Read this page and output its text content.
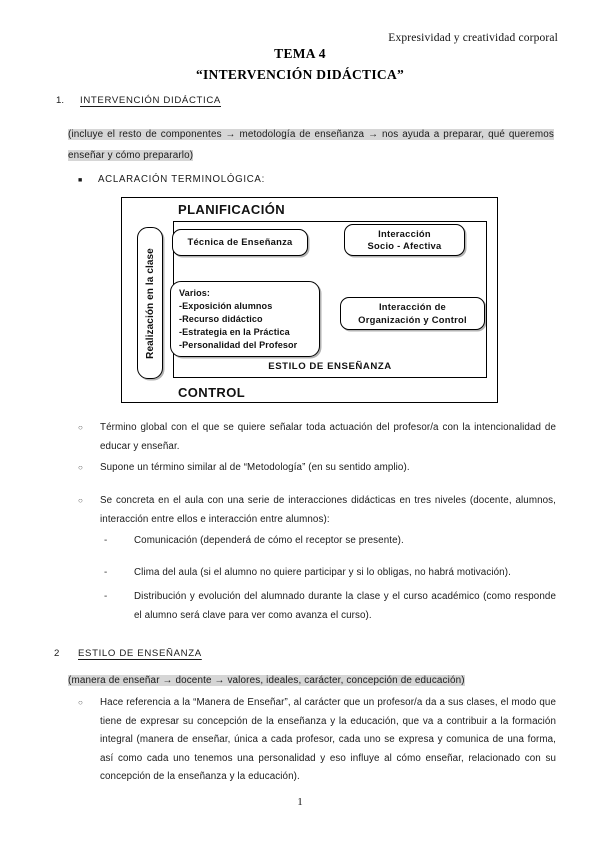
Expresividad y creatividad corporal
TEMA 4
“INTERVENCIÓN DIDÁCTICA”
1.	INTERVENCIÓN DIDÁCTICA
(incluye el resto de componentes → metodología de enseñanza → nos ayuda a preparar, qué queremos enseñar y cómo prepararlo)
■	ACLARACIÓN TERMINOLÓGICA:
PLANIFICACIÓN
ESTILO DE ENSEÑANZA
CONTROL
Realización en la clase
Técnica de Enseñanza
Interacción
Socio - Afectiva
Interacción de
Organización y Control
Varios:
-Exposición alumnos
-Recurso didáctico
-Estrategia en la Práctica
-Personalidad del Profesor
○	Término global con el que se quiere señalar toda actuación del profesor/a con la intencionalidad de educar y enseñar.
○	Supone un término similar al de “Metodología” (en su sentido amplio).
○	Se concreta en el aula con una serie de interacciones didácticas en tres niveles (docente, alumnos, interacción entre ellos e interacción entre alumnos):
-	Comunicación (dependerá de cómo el receptor se presente).
-	Clima del aula (si el alumno no quiere participar y si lo obligas, no habrá motivación).
-	Distribución y evolución del alumnado durante la clase y el curso académico (como responde el alumno será clave para ver como avanza el curso).
2	ESTILO DE ENSEÑANZA
(manera de enseñar → docente → valores, ideales, carácter, concepción de educación)
○	Hace referencia a la “Manera de Enseñar”, al carácter que un profesor/a da a sus clases, el modo que tiene de expresar su concepción de la enseñanza y la educación, que va a contribuir a la formación integral (manera de enseñar, única a cada profesor, cada uno se expresa y comunica de una forma, así como cada uno tenemos una personalidad y eso influye al cómo enseñar, relacionado con su concepción de la enseñanza y la educación).
1
